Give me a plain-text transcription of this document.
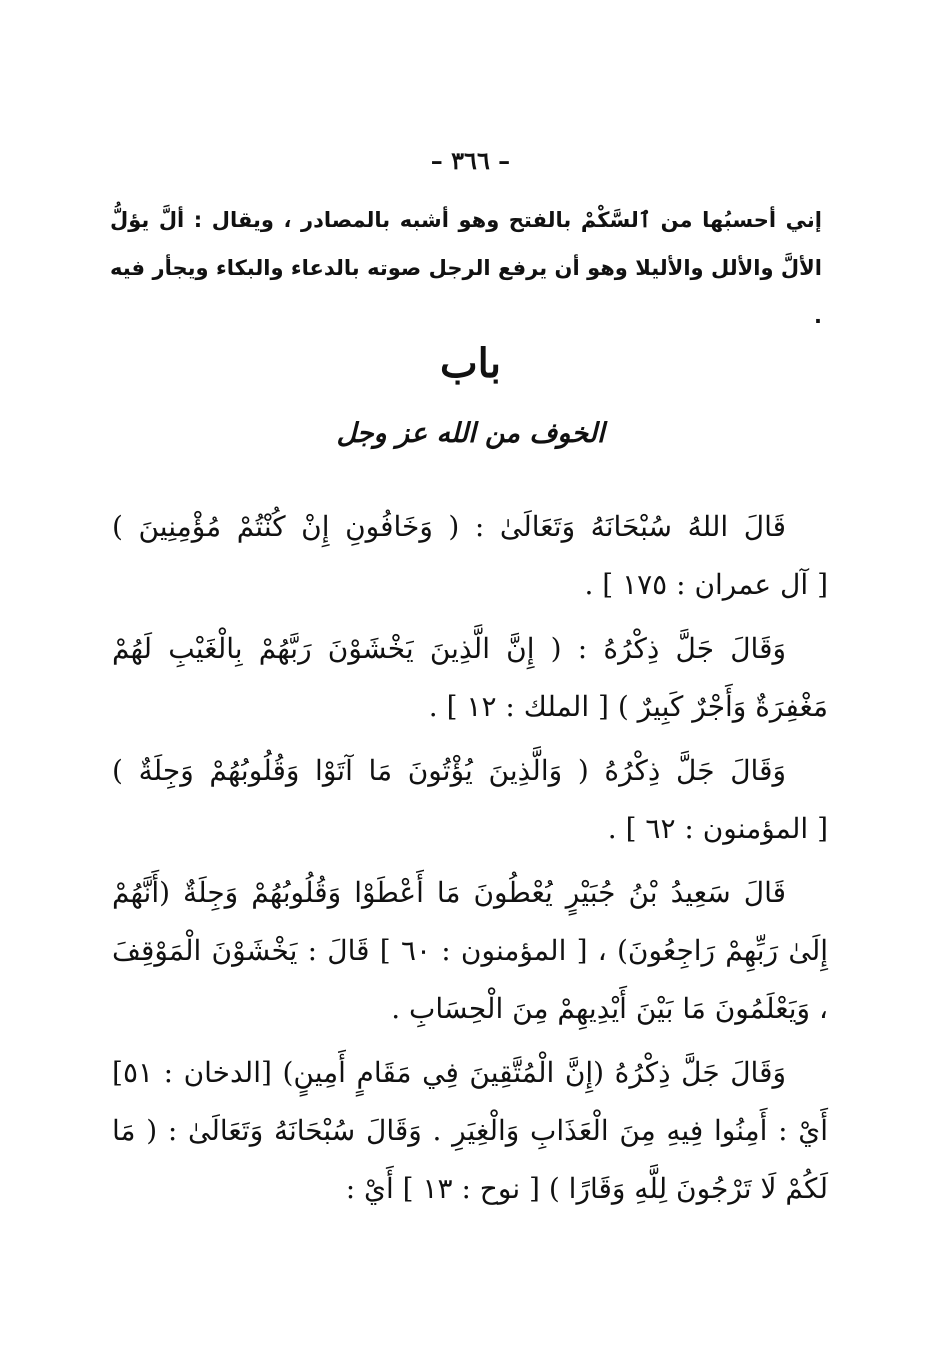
– ٣٦٦ –
إني أحسبُها من ٱلسَّكْمْ بالفتح وهو أشبه بالمصادر ، ويقال : ألَّ يؤلُّ الألَّ والألل والأليلا وهو أن يرفع الرجل صوته بالدعاء والبكاء ويجأر فيه .
باب
الخوف من الله عز وجل

قَالَ اللهُ سُبْحَانَهُ وَتَعَالَىٰ : ( وَخَافُونِ إِنْ كُنْتُمْ مُؤْمِنِينَ ) [ آل عمران : ١٧٥ ] .

وَقَالَ جَلَّ ذِكْرُهُ : ( إِنَّ الَّذِينَ يَخْشَوْنَ رَبَّهُمْ بِالْغَيْبِ لَهُمْ مَغْفِرَةٌ وَأَجْرٌ كَبِيرٌ ) [ الملك : ١٢ ] .

وَقَالَ جَلَّ ذِكْرُهُ ( وَالَّذِينَ يُؤْتُونَ مَا آتَوْا وَقُلُوبُهُمْ وَجِلَةٌ ) [ المؤمنون : ٦٢ ] .

قَالَ سَعِيدُ بْنُ جُبَيْرٍ يُعْطُونَ مَا أَعْطَوْا وَقُلُوبُهُمْ وَجِلَةٌ (أَنَّهُمْ إِلَىٰ رَبِّهِمْ رَاجِعُونَ) ، [ المؤمنون : ٦٠ ] قَالَ : يَخْشَوْنَ الْمَوْقِفَ ، وَيَعْلَمُونَ مَا بَيْنَ أَيْدِيهِمْ مِنَ الْحِسَابِ .

وَقَالَ جَلَّ ذِكْرُهُ (إِنَّ الْمُتَّقِينَ فِي مَقَامٍ أَمِينٍ) [الدخان : ٥١] أَيْ : أَمِنُوا فِيهِ مِنَ الْعَذَابِ وَالْغِيَرِ . وَقَالَ سُبْحَانَهُ وَتَعَالَىٰ : ( مَا لَكُمْ لَا تَرْجُونَ لِلَّهِ وَقَارًا ) [ نوح : ١٣ ] أَيْ :
